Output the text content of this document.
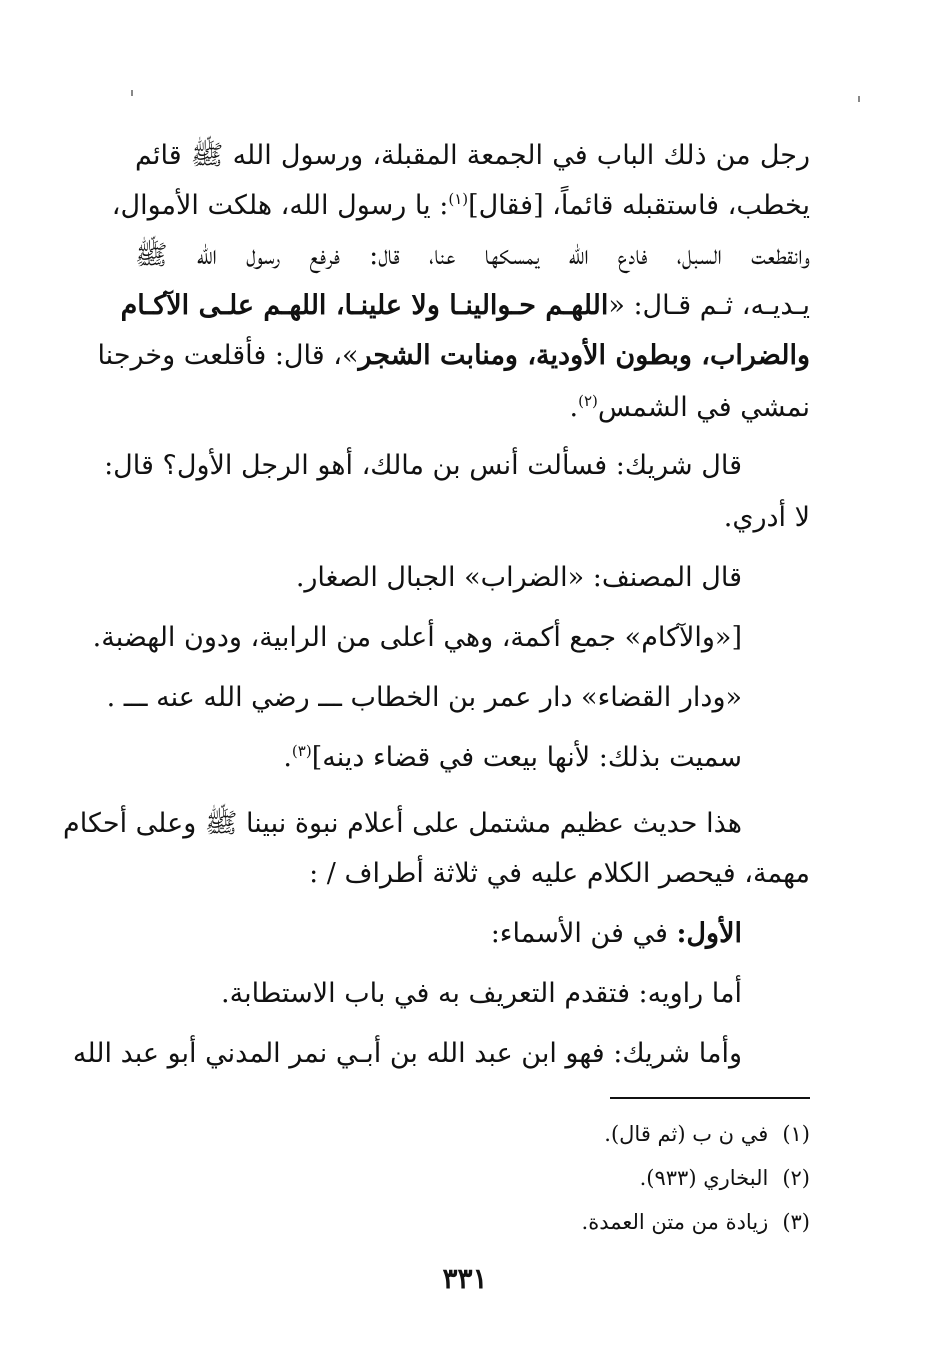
رجل من ذلك الباب في الجمعة المقبلة، ورسول الله ﷺ قائم
يخطب، فاستقبله قائماً، [فقال]$^{(١)}$: يا رسول الله، هلكت الأموال،
وانقطعت السبل، فادع الله يمسكها عنا، قال: فرفع رسول الله ﷺ
يـديـه، ثـم قـال: «اللهـم حـوالينـا ولا علينـا، اللهـم علـى الآكـام
والضراب، وبطون الأودية، ومنابت الشجر»، قال: فأقلعت وخرجنا
نمشي في الشمس$^{(٢)}$.
قال شريك: فسألت أنس بن مالك، أهو الرجل الأول؟ قال:
لا أدري.
قال المصنف: «الضراب» الجبال الصغار.
[«والآكام» جمع أكمة، وهي أعلى من الرابية، ودون الهضبة.
«ودار القضاء» دار عمر بن الخطاب ـــ رضي الله عنه ـــ .
سميت بذلك: لأنها بيعت في قضاء دينه]$^{(٣)}$.
هذا حديث عظيم مشتمل على أعلام نبوة نبينا ﷺ وعلى أحكام
مهمة، فيحصر الكلام عليه في ثلاثة أطراف / :
الأول: في فن الأسماء:
أما راويه: فتقدم التعريف به في باب الاستطابة.
وأما شريك: فهو ابن عبد الله بن أبـي نمر المدني أبو عبد الله
(١)في ن ب (ثم قال).
(٢)البخاري (٩٣٣).
(٣)زيادة من متن العمدة.
٣٣١
